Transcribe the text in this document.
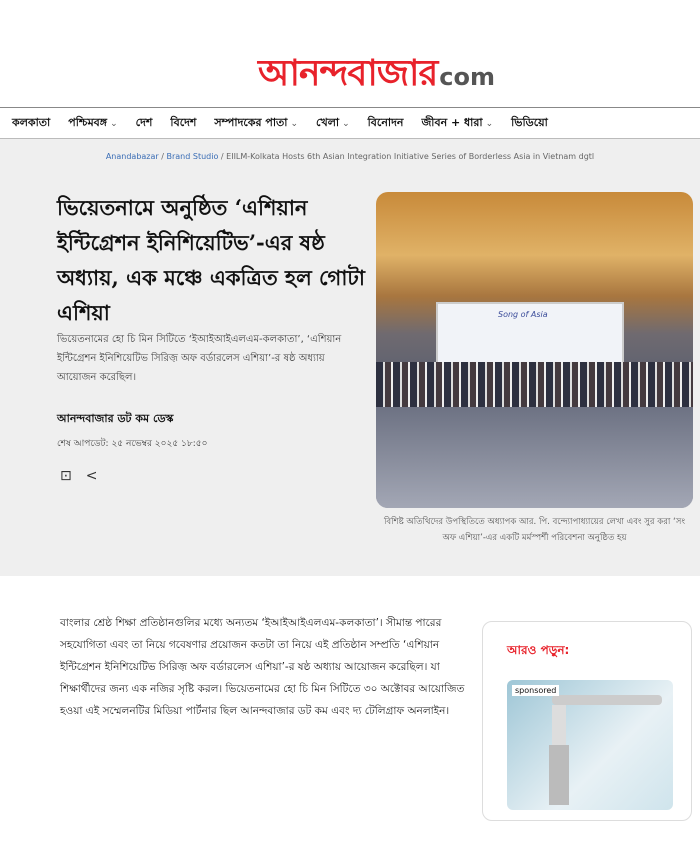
আনন্দবাজার com
কলকাতা পশ্চিমবঙ্গ ⌄ দেশ বিদেশ সম্পাদকের পাতা ⌄ খেলা ⌄ বিনোদন জীবন + ধারা ⌄ ভিডিয়ো
Anandabazar / Brand Studio / EIILM-Kolkata Hosts 6th Asian Integration Initiative Series of Borderless Asia in Vietnam dgtl
ভিয়েতনামে অনুষ্ঠিত ‘এশিয়ান ইন্টিগ্রেশন ইনিশিয়েটিভ’-এর ষষ্ঠ অধ্যায়, এক মঞ্চে একত্রিত হল গোটা এশিয়া

ভিয়েতনামের হো চি মিন সিটিতে ‘ইআইআইএলএম-কলকাতা’, ‘এশিয়ান ইন্টিগ্রেশন ইনিশিয়েটিভ সিরিজ় অফ বর্ডারলেস এশিয়া’-র ষষ্ঠ অধ্যায় আয়োজন করেছিল।

আনন্দবাজার ডট কম ডেস্ক
শেষ আপডেট: ২৫ নভেম্বর ২০২৫ ১৮:৫০
⊡ <
Song of Asia
বিশিষ্ট অতিথিদের উপস্থিতিতে অধ্যাপক আর. পি. বন্দ্যোপাধ্যায়ের লেখা এবং সুর করা ‘সং অফ এশিয়া’-এর একটি মর্মস্পর্শী পরিবেশনা অনুষ্ঠিত হয়

বাংলার শ্রেষ্ঠ শিক্ষা প্রতিষ্ঠানগুলির মধ্যে অন্যতম ‘ইআইআইএলএম-কলকাতা’। সীমান্ত পারের সহযোগিতা এবং তা নিয়ে গবেষণার প্রয়োজন কতটা তা নিয়ে এই প্রতিষ্ঠান সম্প্রতি ‘এশিয়ান ইন্টিগ্রেশন ইনিশিয়েটিভ সিরিজ় অফ বর্ডারলেস এশিয়া’-র ষষ্ঠ অধ্যায় আয়োজন করেছিল। যা শিক্ষার্থীদের জন্য এক নজির সৃষ্টি করল। ভিয়েতনামের হো চি মিন সিটিতে ৩০ অক্টোবর আয়োজিত হওয়া এই সম্মেলনটির মিডিয়া পার্টনার ছিল আনন্দবাজার ডট কম এবং দ্য টেলিগ্রাফ অনলাইন।

আরও পড়ুন:
sponsored
